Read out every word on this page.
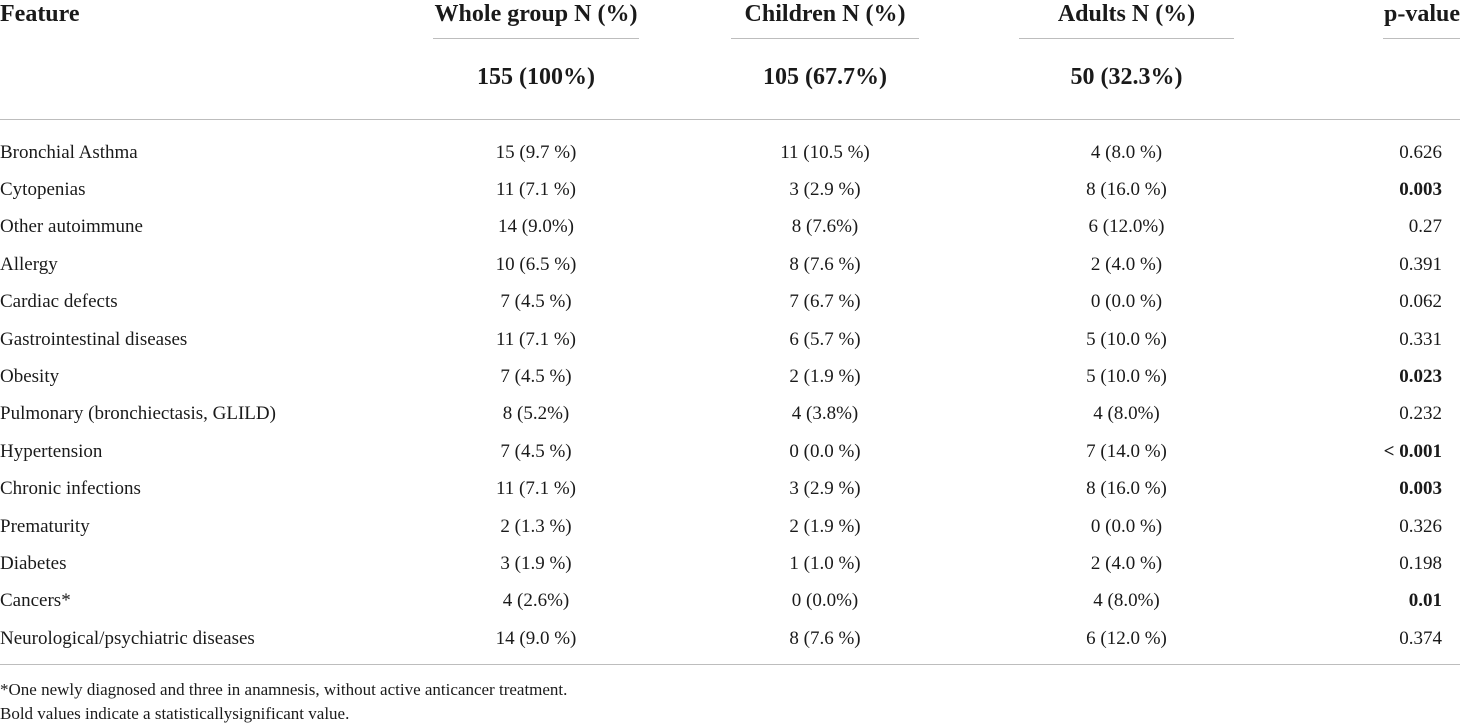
Feature	Whole group N (%)	Children N (%)	Adults N (%)	p-value

	155 (100%)	105 (67.7%)	50 (32.3%)	
Bronchial Asthma	15 (9.7 %)	11 (10.5 %)	4 (8.0 %)	0.626
Cytopenias	11 (7.1 %)	3 (2.9 %)	8 (16.0 %)	0.003
Other autoimmune	14 (9.0%)	8 (7.6%)	6 (12.0%)	0.27
Allergy	10 (6.5 %)	8 (7.6 %)	2 (4.0 %)	0.391
Cardiac defects	7 (4.5 %)	7 (6.7 %)	0 (0.0 %)	0.062
Gastrointestinal diseases	11 (7.1 %)	6 (5.7 %)	5 (10.0 %)	0.331
Obesity	7 (4.5 %)	2 (1.9 %)	5 (10.0 %)	0.023
Pulmonary (bronchiectasis, GLILD)	8 (5.2%)	4 (3.8%)	4 (8.0%)	0.232
Hypertension	7 (4.5 %)	0 (0.0 %)	7 (14.0 %)	< 0.001
Chronic infections	11 (7.1 %)	3 (2.9 %)	8 (16.0 %)	0.003
Prematurity	2 (1.3 %)	2 (1.9 %)	0 (0.0 %)	0.326
Diabetes	3 (1.9 %)	1 (1.0 %)	2 (4.0 %)	0.198
Cancers*	4 (2.6%)	0 (0.0%)	4 (8.0%)	0.01
Neurological/psychiatric diseases	14 (9.0 %)	8 (7.6 %)	6 (12.0 %)	0.374
*One newly diagnosed and three in anamnesis, without active anticancer treatment.
Bold values indicate a statisticallysignificant value.
